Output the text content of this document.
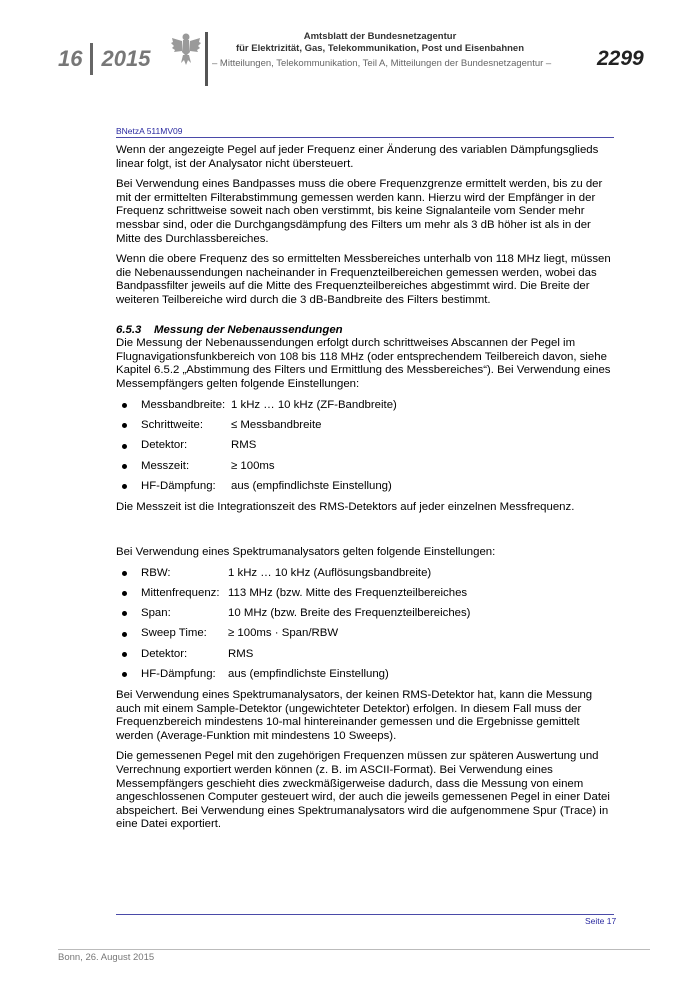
16 2015
Amtsblatt der Bundesnetzagentur
für Elektrizität, Gas, Telekommunikation, Post und Eisenbahnen
– Mitteilungen, Telekommunikation, Teil A, Mitteilungen der Bundesnetzagentur – 2299
BNetzA 511MV09

Wenn der angezeigte Pegel auf jeder Frequenz einer Änderung des variablen Dämpfungsglieds linear folgt, ist der Analysator nicht übersteuert.

Bei Verwendung eines Bandpasses muss die obere Frequenzgrenze ermittelt werden, bis zu der mit der ermittelten Filterabstimmung gemessen werden kann. Hierzu wird der Empfänger in der Frequenz schrittweise soweit nach oben verstimmt, bis keine Signalanteile vom Sender mehr messbar sind, oder die Durchgangsdämpfung des Filters um mehr als 3 dB höher ist als in der Mitte des Durchlassbereiches.

Wenn die obere Frequenz des so ermittelten Messbereiches unterhalb von 118 MHz liegt, müssen die Nebenaussendungen nacheinander in Frequenzteilbereichen gemessen werden, wobei das Bandpassfilter jeweils auf die Mitte des Frequenzteilbereiches abgestimmt wird. Die Breite der weiteren Teilbereiche wird durch die 3 dB-Bandbreite des Filters bestimmt.

6.5.3 Messung der Nebenaussendungen

Die Messung der Nebenaussendungen erfolgt durch schrittweises Abscannen der Pegel im Flugnavigationsfunkbereich von 108 bis 118 MHz (oder entsprechendem Teilbereich davon, siehe Kapitel 6.5.2 „Abstimmung des Filters und Ermittlung des Messbereiches“). Bei Verwendung eines Messempfängers gelten folgende Einstellungen:

Messbandbreite: 1 kHz … 10 kHz (ZF-Bandbreite)
Schrittweite:	≤ Messbandbreite
Detektor:	RMS
Messzeit:	≥ 100ms
HF-Dämpfung:	aus (empfindlichste Einstellung)

Die Messzeit ist die Integrationszeit des RMS-Detektors auf jeder einzelnen Messfrequenz.

Bei Verwendung eines Spektrumanalysators gelten folgende Einstellungen:

RBW:	1 kHz … 10 kHz (Auflösungsbandbreite)
Mittenfrequenz: 113 MHz (bzw. Mitte des Frequenzteilbereiches
Span:	10 MHz (bzw. Breite des Frequenzteilbereiches)
Sweep Time:	≥ 100ms · Span/RBW
Detektor:	RMS
HF-Dämpfung:	aus (empfindlichste Einstellung)

Bei Verwendung eines Spektrumanalysators, der keinen RMS-Detektor hat, kann die Messung auch mit einem Sample-Detektor (ungewichteter Detektor) erfolgen. In diesem Fall muss der Frequenzbereich mindestens 10-mal hintereinander gemessen und die Ergebnisse gemittelt werden (Average-Funktion mit mindestens 10 Sweeps).

Die gemessenen Pegel mit den zugehörigen Frequenzen müssen zur späteren Auswertung und Verrechnung exportiert werden können (z. B. im ASCII-Format). Bei Verwendung eines Messempfängers geschieht dies zweckmäßigerweise dadurch, dass die Messung von einem angeschlossenen Computer gesteuert wird, der auch die jeweils gemessenen Pegel in einer Datei abspeichert. Bei Verwendung eines Spektrumanalysators wird die aufgenommene Spur (Trace) in eine Datei exportiert.

Seite 17
Bonn, 26. August 2015
